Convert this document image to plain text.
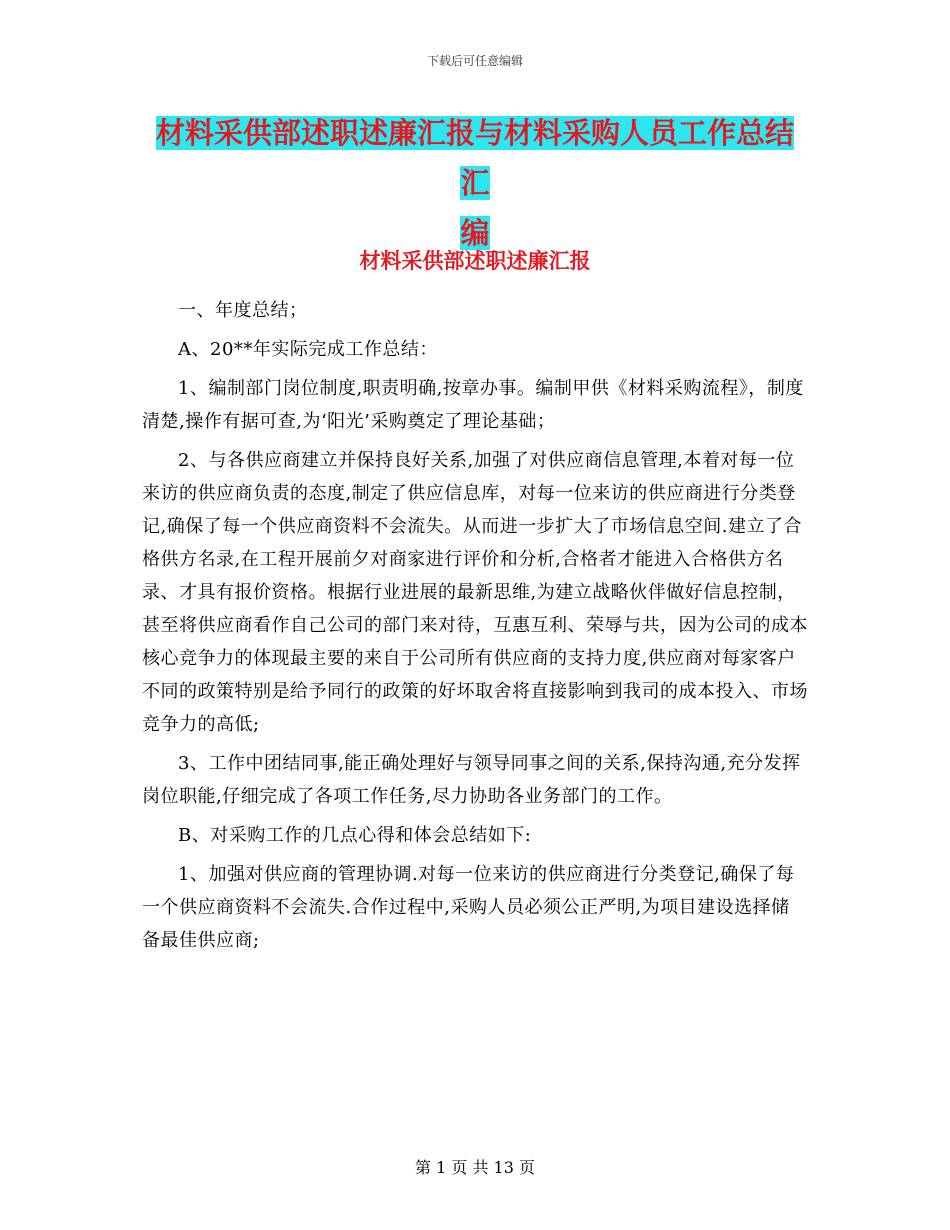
下载后可任意编辑
材料采供部述职述廉汇报与材料采购人员工作总结汇
编
材料采供部述职述廉汇报

一、年度总结；

A、20**年实际完成工作总结：

1、编制部门岗位制度,职责明确,按章办事。编制甲供《材料采购流程》，制度清楚,操作有据可查,为‘阳光’采购奠定了理论基础；

2、与各供应商建立并保持良好关系,加强了对供应商信息管理,本着对每一位来访的供应商负责的态度,制定了供应信息库，对每一位来访的供应商进行分类登记,确保了每一个供应商资料不会流失。从而进一步扩大了市场信息空间.建立了合格供方名录,在工程开展前夕对商家进行评价和分析,合格者才能进入合格供方名录、才具有报价资格。根据行业进展的最新思维,为建立战略伙伴做好信息控制，甚至将供应商看作自己公司的部门来对待，互惠互利、荣辱与共，因为公司的成本核心竞争力的体现最主要的来自于公司所有供应商的支持力度,供应商对每家客户不同的政策特别是给予同行的政策的好坏取舍将直接影响到我司的成本投入、市场竞争力的高低;

3、工作中团结同事,能正确处理好与领导同事之间的关系,保持沟通,充分发挥岗位职能,仔细完成了各项工作任务,尽力协助各业务部门的工作。

B、对采购工作的几点心得和体会总结如下:

1、加强对供应商的管理协调.对每一位来访的供应商进行分类登记,确保了每一个供应商资料不会流失.合作过程中,采购人员必须公正严明,为项目建设选择储备最佳供应商;

第 1 页 共 13 页
